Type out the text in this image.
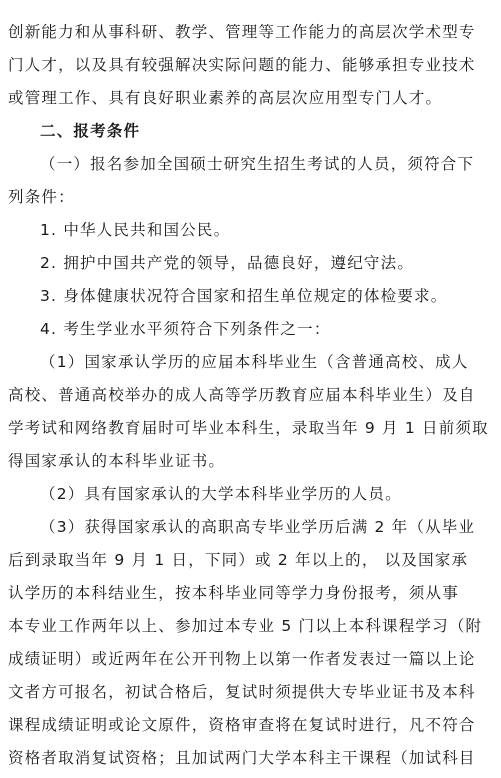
创新能力和从事科研、教学、管理等工作能力的高层次学术型专
门人才，以及具有较强解决实际问题的能力、能够承担专业技术
或管理工作、具有良好职业素养的高层次应用型专门人才。
二、报考条件
（一）报名参加全国硕士研究生招生考试的人员，须符合下
列条件：
1. 中华人民共和国公民。
2. 拥护中国共产党的领导，品德良好，遵纪守法。
3. 身体健康状况符合国家和招生单位规定的体检要求。
4. 考生学业水平须符合下列条件之一：
（1）国家承认学历的应届本科毕业生（含普通高校、成人
高校、普通高校举办的成人高等学历教育应届本科毕业生）及自
学考试和网络教育届时可毕业本科生，录取当年 9 月 1 日前须取
得国家承认的本科毕业证书。
（2）具有国家承认的大学本科毕业学历的人员。
（3）获得国家承认的高职高专毕业学历后满 2 年（从毕业
后到录取当年 9 月 1 日，下同）或 2 年以上的， 以及国家承
认学历的本科结业生，按本科毕业同等学力身份报考，须从事
本专业工作两年以上、参加过本专业 5 门以上本科课程学习（附
成绩证明）或近两年在公开刊物上以第一作者发表过一篇以上论
文者方可报名，初试合格后，复试时须提供大专毕业证书及本科
课程成绩证明或论文原件，资格审查将在复试时进行，凡不符合
资格者取消复试资格；且加试两门大学本科主干课程（加试科目
